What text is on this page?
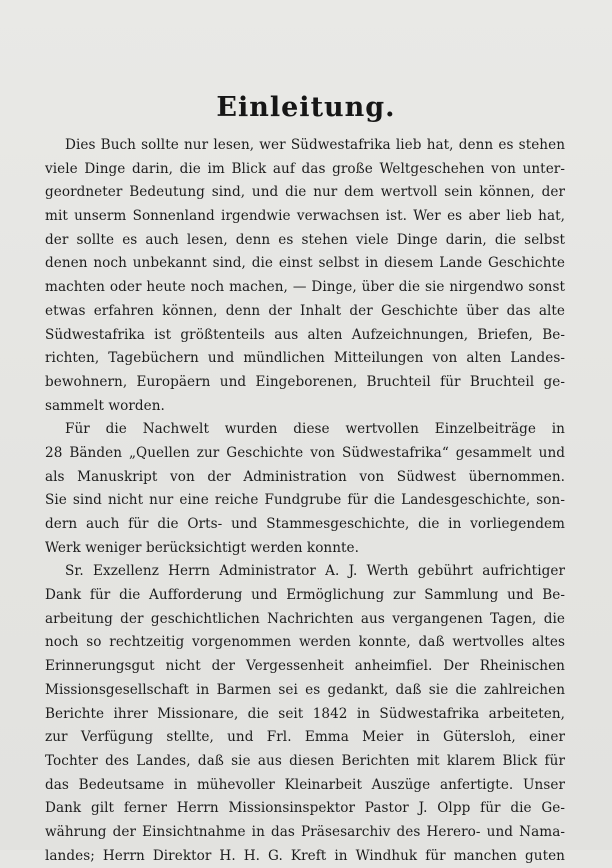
Einleitung.
Dies Buch sollte nur lesen, wer Südwestafrika lieb hat, denn es stehen
viele Dinge darin, die im Blick auf das große Weltgeschehen von unter-
geordneter Bedeutung sind, und die nur dem wertvoll sein können, der
mit unserm Sonnenland irgendwie verwachsen ist. Wer es aber lieb hat,
der sollte es auch lesen, denn es stehen viele Dinge darin, die selbst
denen noch unbekannt sind, die einst selbst in diesem Lande Geschichte
machten oder heute noch machen, — Dinge, über die sie nirgendwo sonst
etwas erfahren können, denn der Inhalt der Geschichte über das alte
Südwestafrika ist größtenteils aus alten Aufzeichnungen, Briefen, Be-
richten, Tagebüchern und mündlichen Mitteilungen von alten Landes-
bewohnern, Europäern und Eingeborenen, Bruchteil für Bruchteil ge-
sammelt worden.
Für die Nachwelt wurden diese wertvollen Einzelbeiträge in
28 Bänden „Quellen zur Geschichte von Südwestafrika“ gesammelt und
als Manuskript von der Administration von Südwest übernommen.
Sie sind nicht nur eine reiche Fundgrube für die Landesgeschichte, son-
dern auch für die Orts- und Stammesgeschichte, die in vorliegendem
Werk weniger berücksichtigt werden konnte.
Sr. Exzellenz Herrn Administrator A. J. Werth gebührt aufrichtiger
Dank für die Aufforderung und Ermöglichung zur Sammlung und Be-
arbeitung der geschichtlichen Nachrichten aus vergangenen Tagen, die
noch so rechtzeitig vorgenommen werden konnte, daß wertvolles altes
Erinnerungsgut nicht der Vergessenheit anheimfiel. Der Rheinischen
Missionsgesellschaft in Barmen sei es gedankt, daß sie die zahlreichen
Berichte ihrer Missionare, die seit 1842 in Südwestafrika arbeiteten,
zur Verfügung stellte, und Frl. Emma Meier in Gütersloh, einer
Tochter des Landes, daß sie aus diesen Berichten mit klarem Blick für
das Bedeutsame in mühevoller Kleinarbeit Auszüge anfertigte. Unser
Dank gilt ferner Herrn Missionsinspektor Pastor J. Olpp für die Ge-
währung der Einsichtnahme in das Präsesarchiv des Herero- und Nama-
landes; Herrn Direktor H. H. G. Kreft in Windhuk für manchen guten
